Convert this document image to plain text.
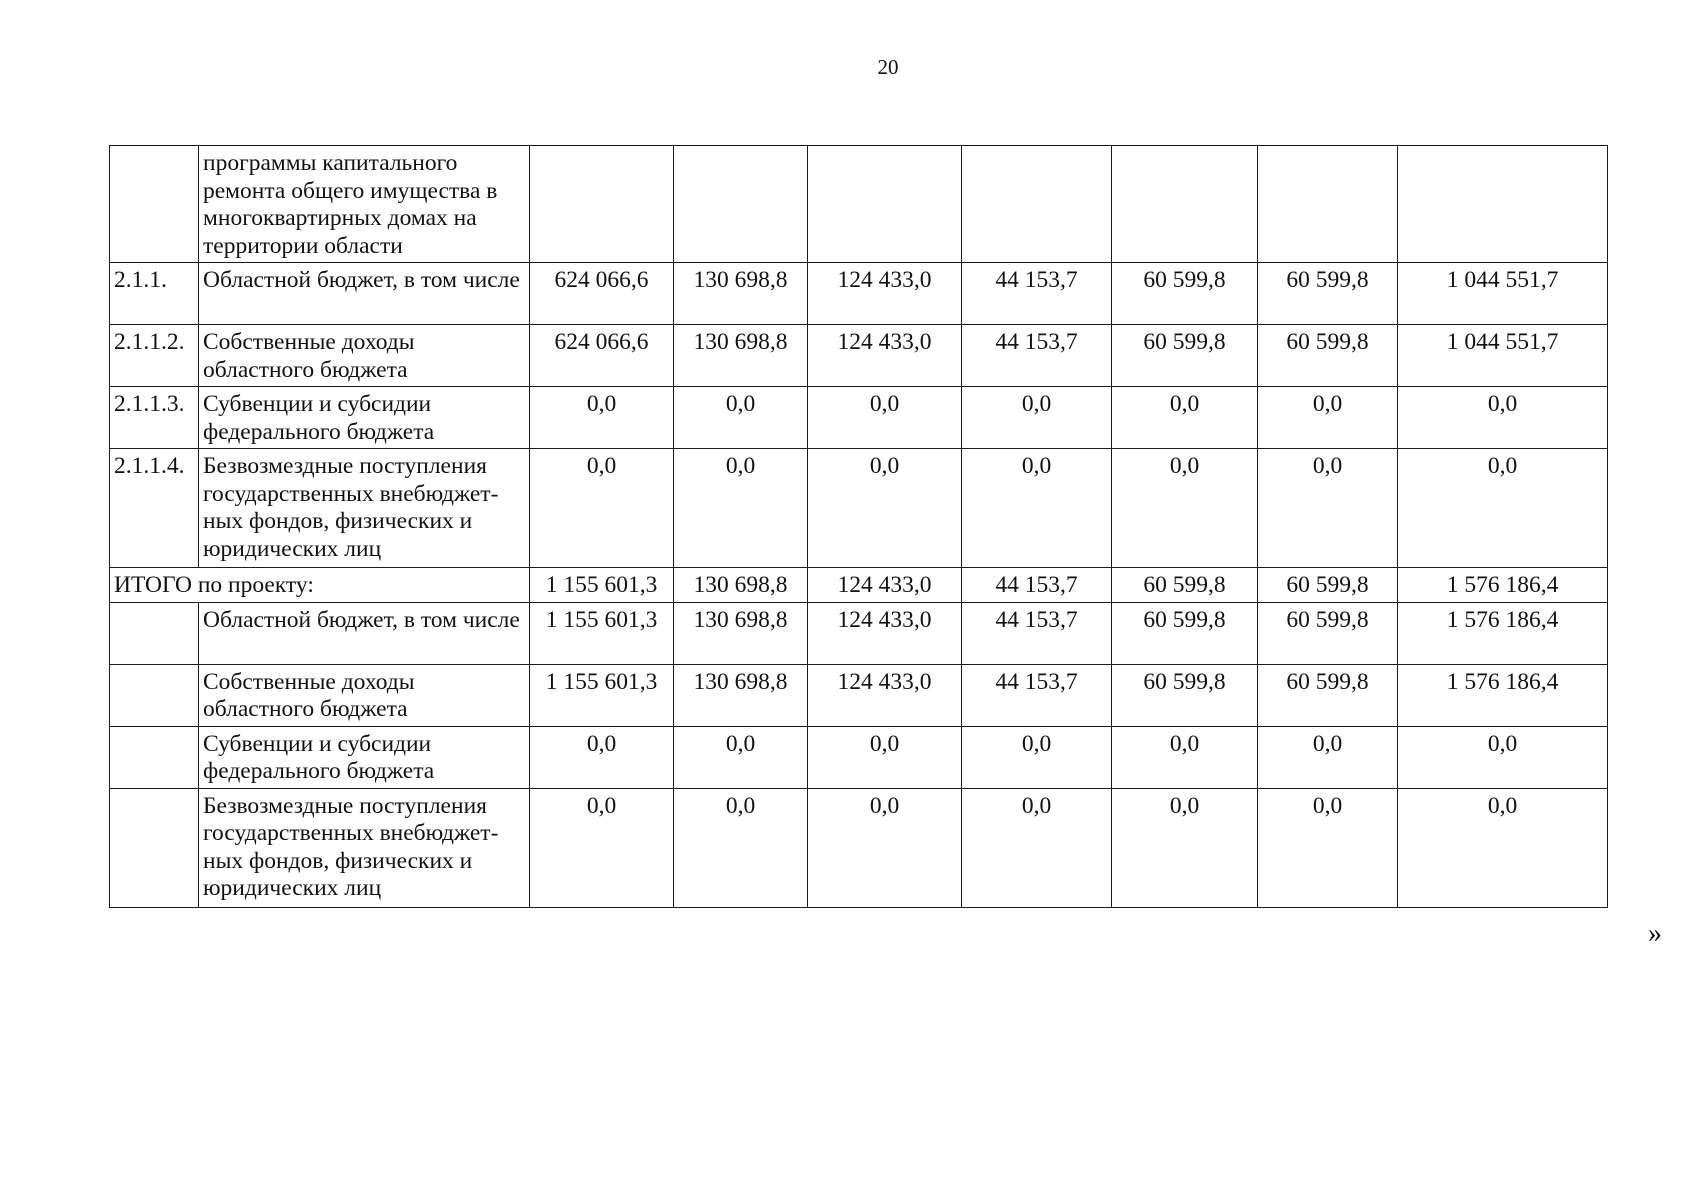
20
	программы капитального ремонта общего имущества в многоквартирных домах на территории области							
2.1.1.	Областной бюджет, в том числе	624 066,6	130 698,8	124 433,0	44 153,7	60 599,8	60 599,8	1 044 551,7
2.1.1.2.	Собственные доходы областного бюджета	624 066,6	130 698,8	124 433,0	44 153,7	60 599,8	60 599,8	1 044 551,7
2.1.1.3.	Субвенции и субсидии федерального бюджета	0,0	0,0	0,0	0,0	0,0	0,0	0,0
2.1.1.4.	Безвозмездные поступления государственных внебюджет-ных фондов, физических и юридических лиц	0,0	0,0	0,0	0,0	0,0	0,0	0,0
ИТОГО по проекту:		1 155 601,3	130 698,8	124 433,0	44 153,7	60 599,8	60 599,8	1 576 186,4
	Областной бюджет, в том числе	1 155 601,3	130 698,8	124 433,0	44 153,7	60 599,8	60 599,8	1 576 186,4
	Собственные доходы областного бюджета	1 155 601,3	130 698,8	124 433,0	44 153,7	60 599,8	60 599,8	1 576 186,4
	Субвенции и субсидии федерального бюджета	0,0	0,0	0,0	0,0	0,0	0,0	0,0
	Безвозмездные поступления государственных внебюджет-ных фондов, физических и юридических лиц	0,0	0,0	0,0	0,0	0,0	0,0	0,0
»
